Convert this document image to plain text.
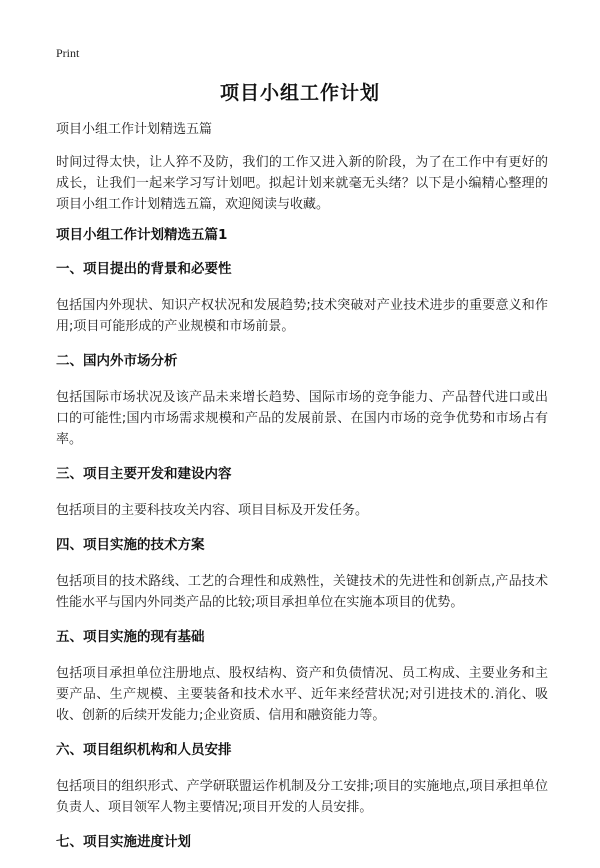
Print
项目小组工作计划
项目小组工作计划精选五篇
时间过得太快，让人猝不及防，我们的工作又进入新的阶段，为了在工作中有更好的成长，让我们一起来学习写计划吧。拟起计划来就毫无头绪？以下是小编精心整理的项目小组工作计划精选五篇，欢迎阅读与收藏。
项目小组工作计划精选五篇1
一、项目提出的背景和必要性
包括国内外现状、知识产权状况和发展趋势;技术突破对产业技术进步的重要意义和作用;项目可能形成的产业规模和市场前景。
二、国内外市场分析
包括国际市场状况及该产品未来增长趋势、国际市场的竞争能力、产品替代进口或出口的可能性;国内市场需求规模和产品的发展前景、在国内市场的竞争优势和市场占有率。
三、项目主要开发和建设内容
包括项目的主要科技攻关内容、项目目标及开发任务。
四、项目实施的技术方案
包括项目的技术路线、工艺的合理性和成熟性，关键技术的先进性和创新点,产品技术性能水平与国内外同类产品的比较;项目承担单位在实施本项目的优势。
五、项目实施的现有基础
包括项目承担单位注册地点、股权结构、资产和负债情况、员工构成、主要业务和主要产品、生产规模、主要装备和技术水平、近年来经营状况;对引进技术的.消化、吸收、创新的后续开发能力;企业资质、信用和融资能力等。
六、项目组织机构和人员安排
包括项目的组织形式、产学研联盟运作机制及分工安排;项目的实施地点,项目承担单位负责人、项目领军人物主要情况;项目开发的人员安排。
七、项目实施进度计划
